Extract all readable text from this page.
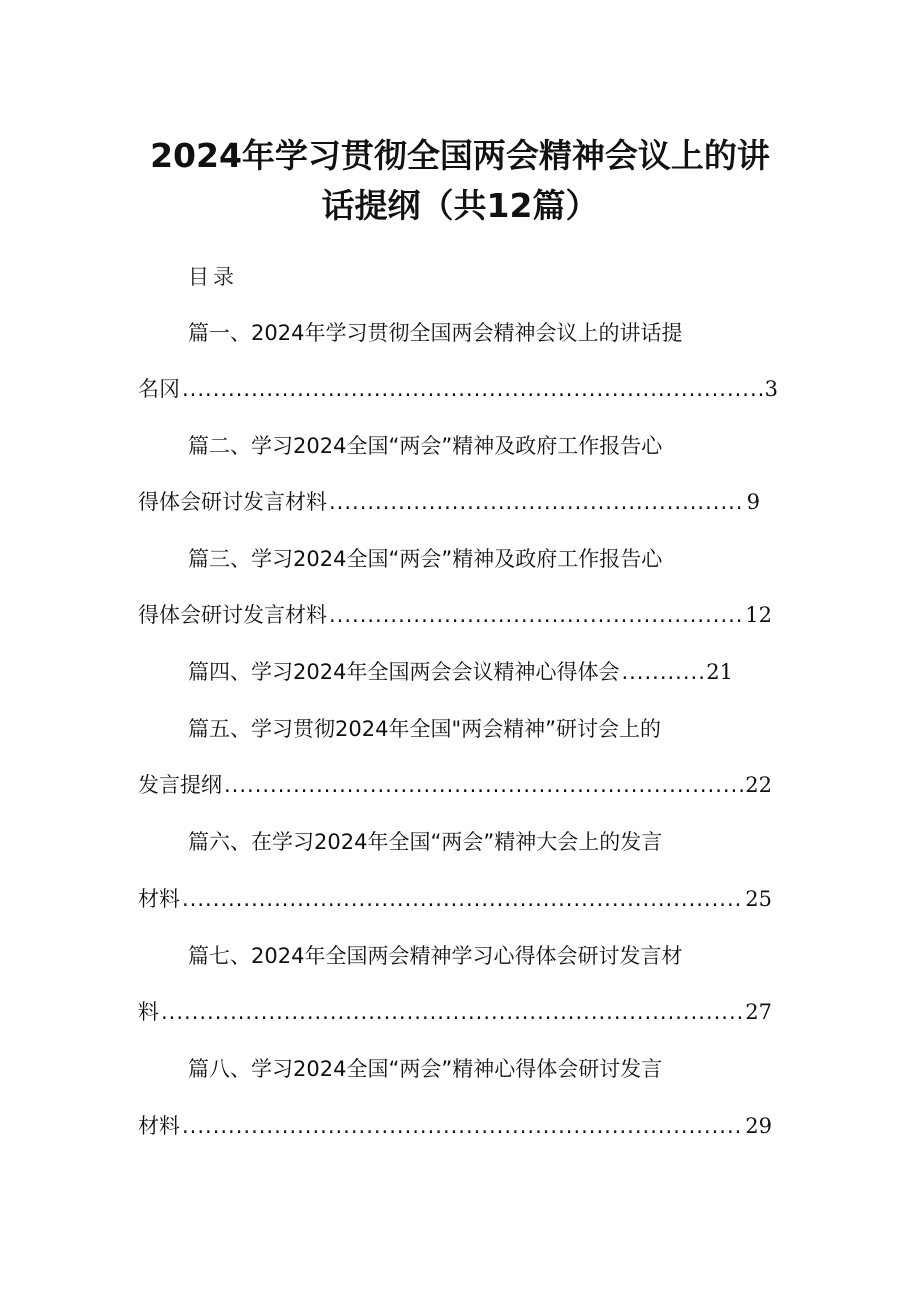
2024年学习贯彻全国两会精神会议上的讲
话提纲（共12篇）
目录
篇一、2024年学习贯彻全国两会精神会议上的讲话提
名冈 .....	3
篇二、学习2024全国“两会”精神及政府工作报告心
得体会研讨发言材料 .....	9
篇三、学习2024全国“两会”精神及政府工作报告心
得体会研讨发言材料 .....	12
篇四、学习2024年全国两会会议精神心得体会 .....	21
篇五、学习贯彻2024年全国"两会精神”研讨会上的
发言提纲 .....	22
篇六、在学习2024年全国“两会”精神大会上的发言
材料 .....	25
篇七、2024年全国两会精神学习心得体会研讨发言材
料 .....	27
篇八、学习2024全国“两会”精神心得体会研讨发言
材料 .....	29
